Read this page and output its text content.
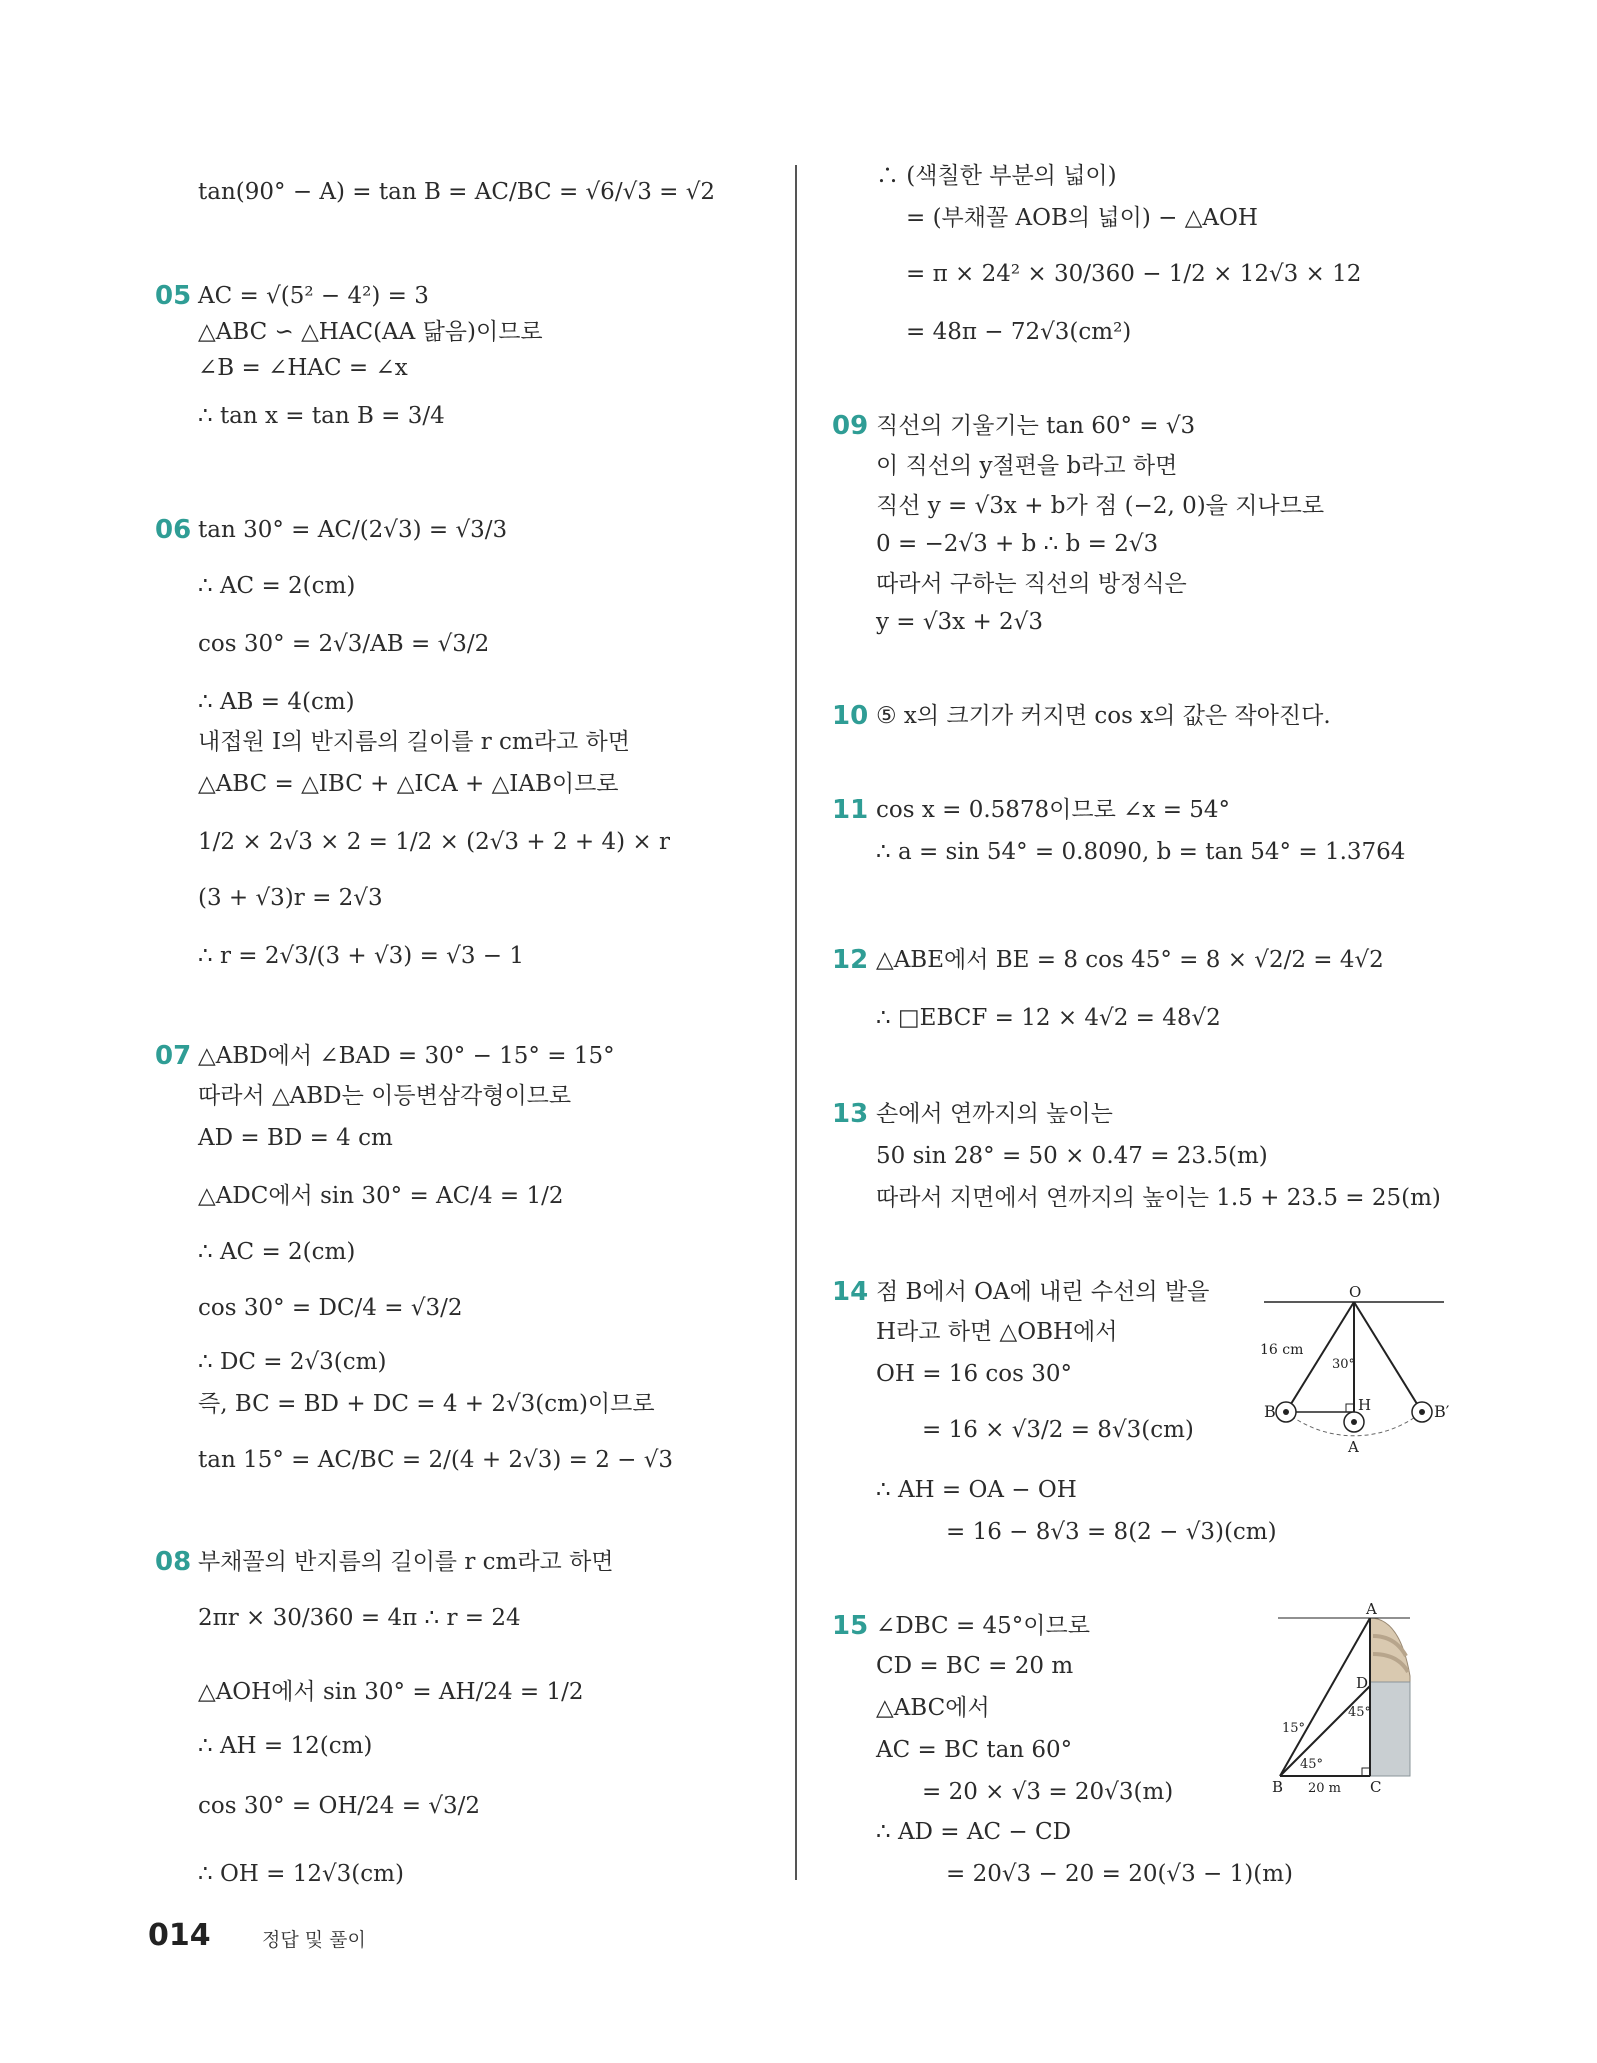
tan(90° − A) = tan B = AC/BC = √6/√3 = √2
05 AC = √(5² − 4²) = 3
△ABC ∽ △HAC(AA 닮음)이므로
∠B = ∠HAC = ∠x
∴ tan x = tan B = 3/4
06 tan 30° = AC/(2√3) = √3/3
∴ AC = 2(cm)
cos 30° = 2√3/AB = √3/2
∴ AB = 4(cm)
내접원 I의 반지름의 길이를 r cm라고 하면
△ABC = △IBC + △ICA + △IAB이므로
1/2 × 2√3 × 2 = 1/2 × (2√3 + 2 + 4) × r
(3 + √3)r = 2√3
∴ r = 2√3/(3 + √3) = √3 − 1
07 △ABD에서 ∠BAD = 30° − 15° = 15°
따라서 △ABD는 이등변삼각형이므로
AD = BD = 4 cm
△ADC에서 sin 30° = AC/4 = 1/2
∴ AC = 2(cm)
cos 30° = DC/4 = √3/2
∴ DC = 2√3(cm)
즉, BC = BD + DC = 4 + 2√3(cm)이므로
tan 15° = AC/BC = 2/(4 + 2√3) = 2 − √3
08 부채꼴의 반지름의 길이를 r cm라고 하면
2πr × 30/360 = 4π ∴ r = 24
△AOH에서 sin 30° = AH/24 = 1/2
∴ AH = 12(cm)
cos 30° = OH/24 = √3/2
∴ OH = 12√3(cm)
∴ (색칠한 부분의 넓이)
= (부채꼴 AOB의 넓이) − △AOH
= π × 24² × 30/360 − 1/2 × 12√3 × 12
= 48π − 72√3(cm²)
09 직선의 기울기는 tan 60° = √3
이 직선의 y절편을 b라고 하면
직선 y = √3x + b가 점 (−2, 0)을 지나므로
0 = −2√3 + b ∴ b = 2√3
따라서 구하는 직선의 방정식은
y = √3x + 2√3
10 ⑤ x의 크기가 커지면 cos x의 값은 작아진다.
11 cos x = 0.5878이므로 ∠x = 54°
∴ a = sin 54° = 0.8090, b = tan 54° = 1.3764
12 △ABE에서 BE = 8 cos 45° = 8 × √2/2 = 4√2
∴ □EBCF = 12 × 4√2 = 48√2
13 손에서 연까지의 높이는
50 sin 28° = 50 × 0.47 = 23.5(m)
따라서 지면에서 연까지의 높이는 1.5 + 23.5 = 25(m)
14 점 B에서 OA에 내린 수선의 발을
H라고 하면 △OBH에서
OH = 16 cos 30°
= 16 × √3/2 = 8√3(cm)
∴ AH = OA − OH
= 16 − 8√3 = 8(2 − √3)(cm)
O
B	B′
H
A
16 cm
30°
15 ∠DBC = 45°이므로
CD = BC = 20 m
△ABC에서
AC = BC tan 60°
= 20 × √3 = 20√3(m)
∴ AD = AC − CD
= 20√3 − 20 = 20(√3 − 1)(m)
A
D
B	C
15°
45°
45°
20 m
014	정답 및 풀이
